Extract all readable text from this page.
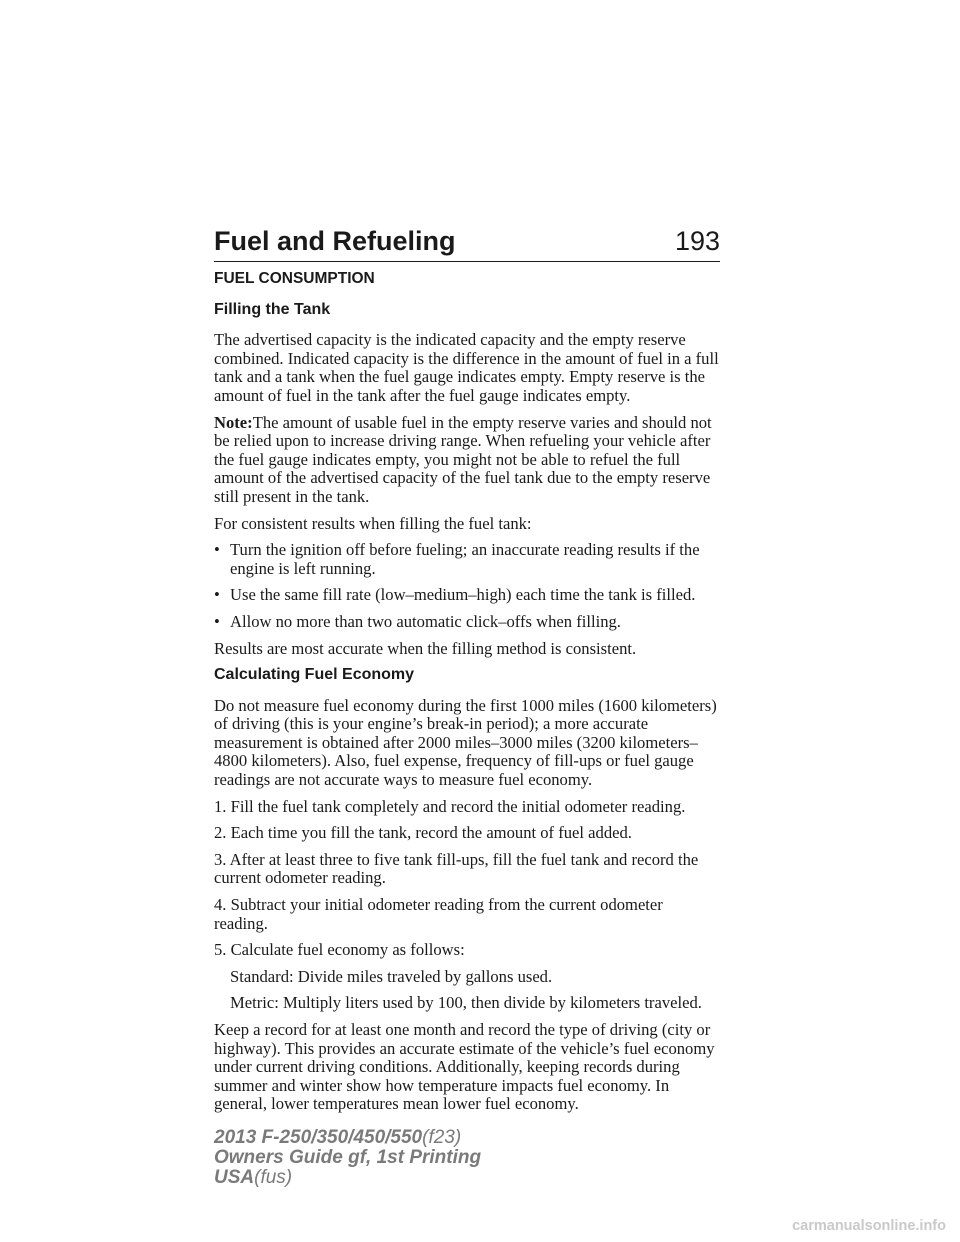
Fuel and Refueling	193
FUEL CONSUMPTION
Filling the Tank

The advertised capacity is the indicated capacity and the empty reserve combined. Indicated capacity is the difference in the amount of fuel in a full tank and a tank when the fuel gauge indicates empty. Empty reserve is the amount of fuel in the tank after the fuel gauge indicates empty.

Note:The amount of usable fuel in the empty reserve varies and should not be relied upon to increase driving range. When refueling your vehicle after the fuel gauge indicates empty, you might not be able to refuel the full amount of the advertised capacity of the fuel tank due to the empty reserve still present in the tank.

For consistent results when filling the fuel tank:

• Turn the ignition off before fueling; an inaccurate reading results if the engine is left running.
• Use the same fill rate (low–medium–high) each time the tank is filled.
• Allow no more than two automatic click–offs when filling.

Results are most accurate when the filling method is consistent.

Calculating Fuel Economy

Do not measure fuel economy during the first 1000 miles (1600 kilometers) of driving (this is your engine’s break-in period); a more accurate measurement is obtained after 2000 miles–3000 miles (3200 kilometers–4800 kilometers). Also, fuel expense, frequency of fill-ups or fuel gauge readings are not accurate ways to measure fuel economy.

1. Fill the fuel tank completely and record the initial odometer reading.

2. Each time you fill the tank, record the amount of fuel added.

3. After at least three to five tank fill-ups, fill the fuel tank and record the current odometer reading.

4. Subtract your initial odometer reading from the current odometer reading.

5. Calculate fuel economy as follows:

Standard: Divide miles traveled by gallons used.

Metric: Multiply liters used by 100, then divide by kilometers traveled.

Keep a record for at least one month and record the type of driving (city or highway). This provides an accurate estimate of the vehicle’s fuel economy under current driving conditions. Additionally, keeping records during summer and winter show how temperature impacts fuel economy. In general, lower temperatures mean lower fuel economy.

2013 F-250/350/450/550(f23)
Owners Guide gf, 1st Printing
USA(fus)
carmanualsonline.info
